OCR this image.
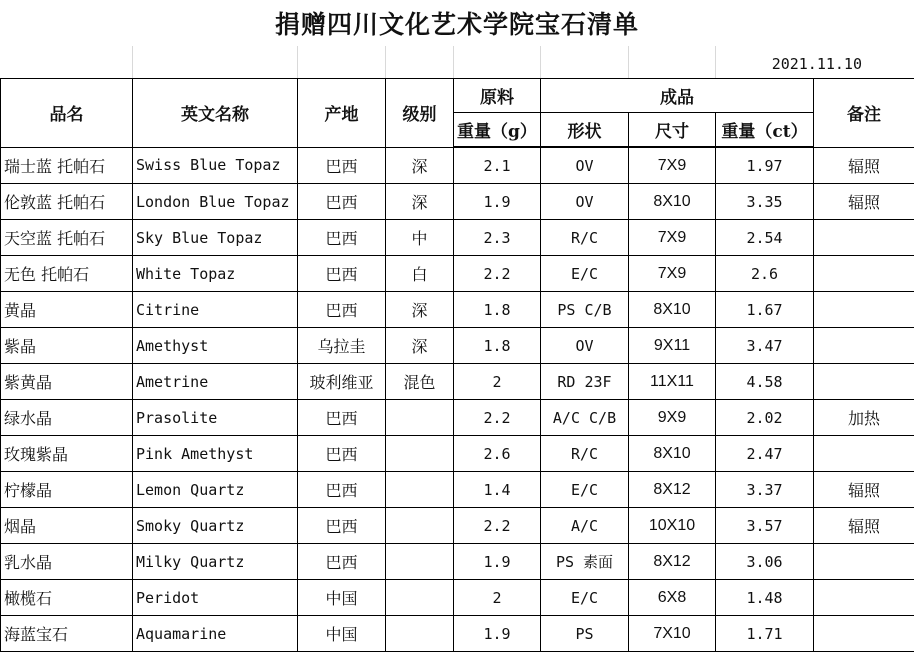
捐赠四川文化艺术学院宝石清单
2021.11.10
品名	英文名称	产地	级别	原料	成品			备注
				重量（g）	形状	尺寸	重量（ct）	
瑞士蓝 托帕石	Swiss Blue Topaz	巴西	深	2.1	OV	7X9	1.97	辐照
伦敦蓝 托帕石	London Blue Topaz	巴西	深	1.9	OV	8X10	3.35	辐照
天空蓝 托帕石	Sky Blue Topaz	巴西	中	2.3	R/C	7X9	2.54	
无色 托帕石	White Topaz	巴西	白	2.2	E/C	7X9	2.6	
黄晶	Citrine	巴西	深	1.8	PS C/B	8X10	1.67	
紫晶	Amethyst	乌拉圭	深	1.8	OV	9X11	3.47	
紫黄晶	Ametrine	玻利维亚	混色	2	RD 23F	11X11	4.58	
绿水晶	Prasolite	巴西		2.2	A/C C/B	9X9	2.02	加热
玫瑰紫晶	Pink Amethyst	巴西		2.6	R/C	8X10	2.47	
柠檬晶	Lemon Quartz	巴西		1.4	E/C	8X12	3.37	辐照
烟晶	Smoky Quartz	巴西		2.2	A/C	10X10	3.57	辐照
乳水晶	Milky Quartz	巴西		1.9	PS 素面	8X12	3.06	
橄榄石	Peridot	中国		2	E/C	6X8	1.48	
海蓝宝石	Aquamarine	中国		1.9	PS	7X10	1.71	
